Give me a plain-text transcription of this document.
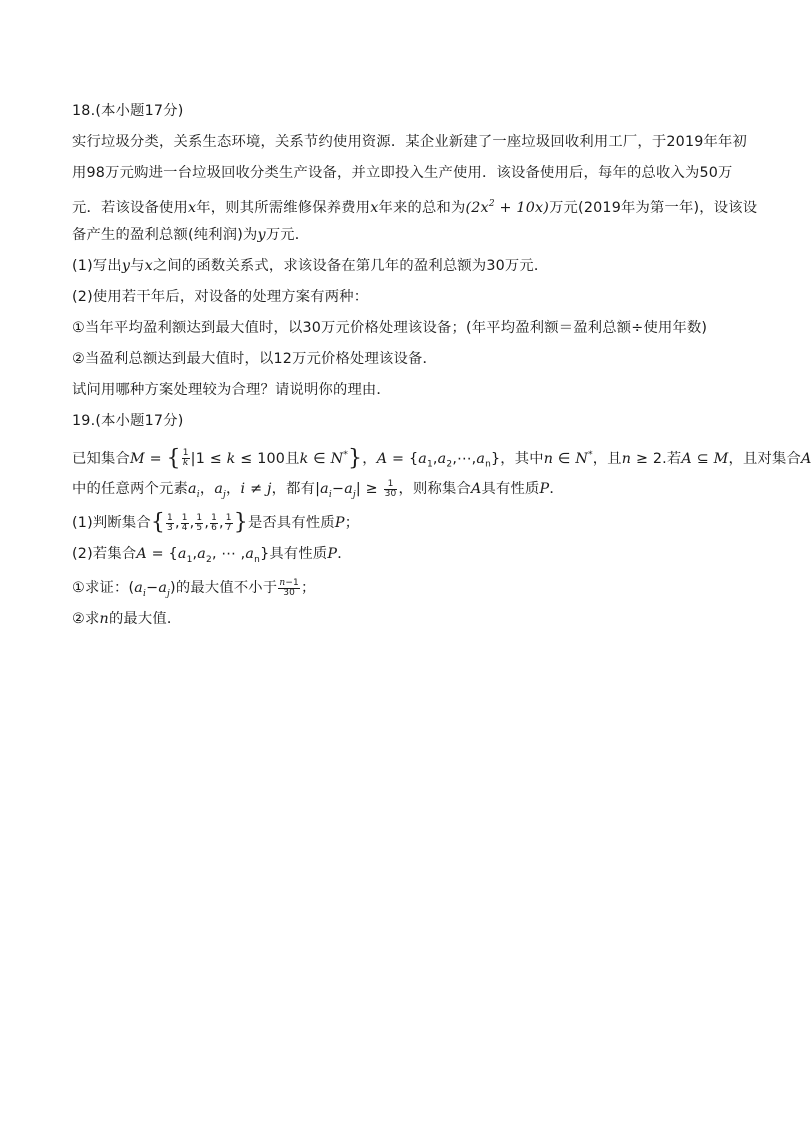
18.(本小题17分)
实行垃圾分类，关系生态环境，关系节约使用资源．某企业新建了一座垃圾回收利用工厂，于2019年年初
用98万元购进一台垃圾回收分类生产设备，并立即投入生产使用．该设备使用后，每年的总收入为50万
元．若该设备使用x年，则其所需维修保养费用x年来的总和为$(2x^2 + 10x)$万元(2019年为第一年)，设该设
备产生的盈利总额(纯利润)为y万元．
(1)写出y与x之间的函数关系式，求该设备在第几年的盈利总额为30万元．
(2)使用若干年后，对设备的处理方案有两种：
①当年平均盈利额达到最大值时，以30万元价格处理该设备；(年平均盈利额＝盈利总额÷使用年数)
②当盈利总额达到最大值时，以12万元价格处理该设备．
试问用哪种方案处理较为合理？请说明你的理由．
19.(本小题17分)
已知集合M = { $\frac{1}{k} |1 \le k \le 100$且k ∈ N*}，$A = \{a_1,a_2,\cdots,a_n\}$，其中n ∈ N*，且n ≥ 2.若A ⊆ M，且对集合A
中的任意两个元素$a_i$，$a_j$，i ≠ j，都有$|a_i-a_j| \ge \frac{1}{30}$ ，则称集合A具有性质P．
(1)判断集合{ $\frac{1}{3}$ , $\frac{1}{4}$ , $\frac{1}{5}$ , $\frac{1}{6}$ , $\frac{1}{7}$ }是否具有性质P；
(2)若集合$A = \{a_1,a_2$, ⋯ $,a_n$}具有性质P．
①求证：$(a_i-a_j)$的最大值不小于 $\frac{n-1}{30}$ ；
②求n的最大值．
